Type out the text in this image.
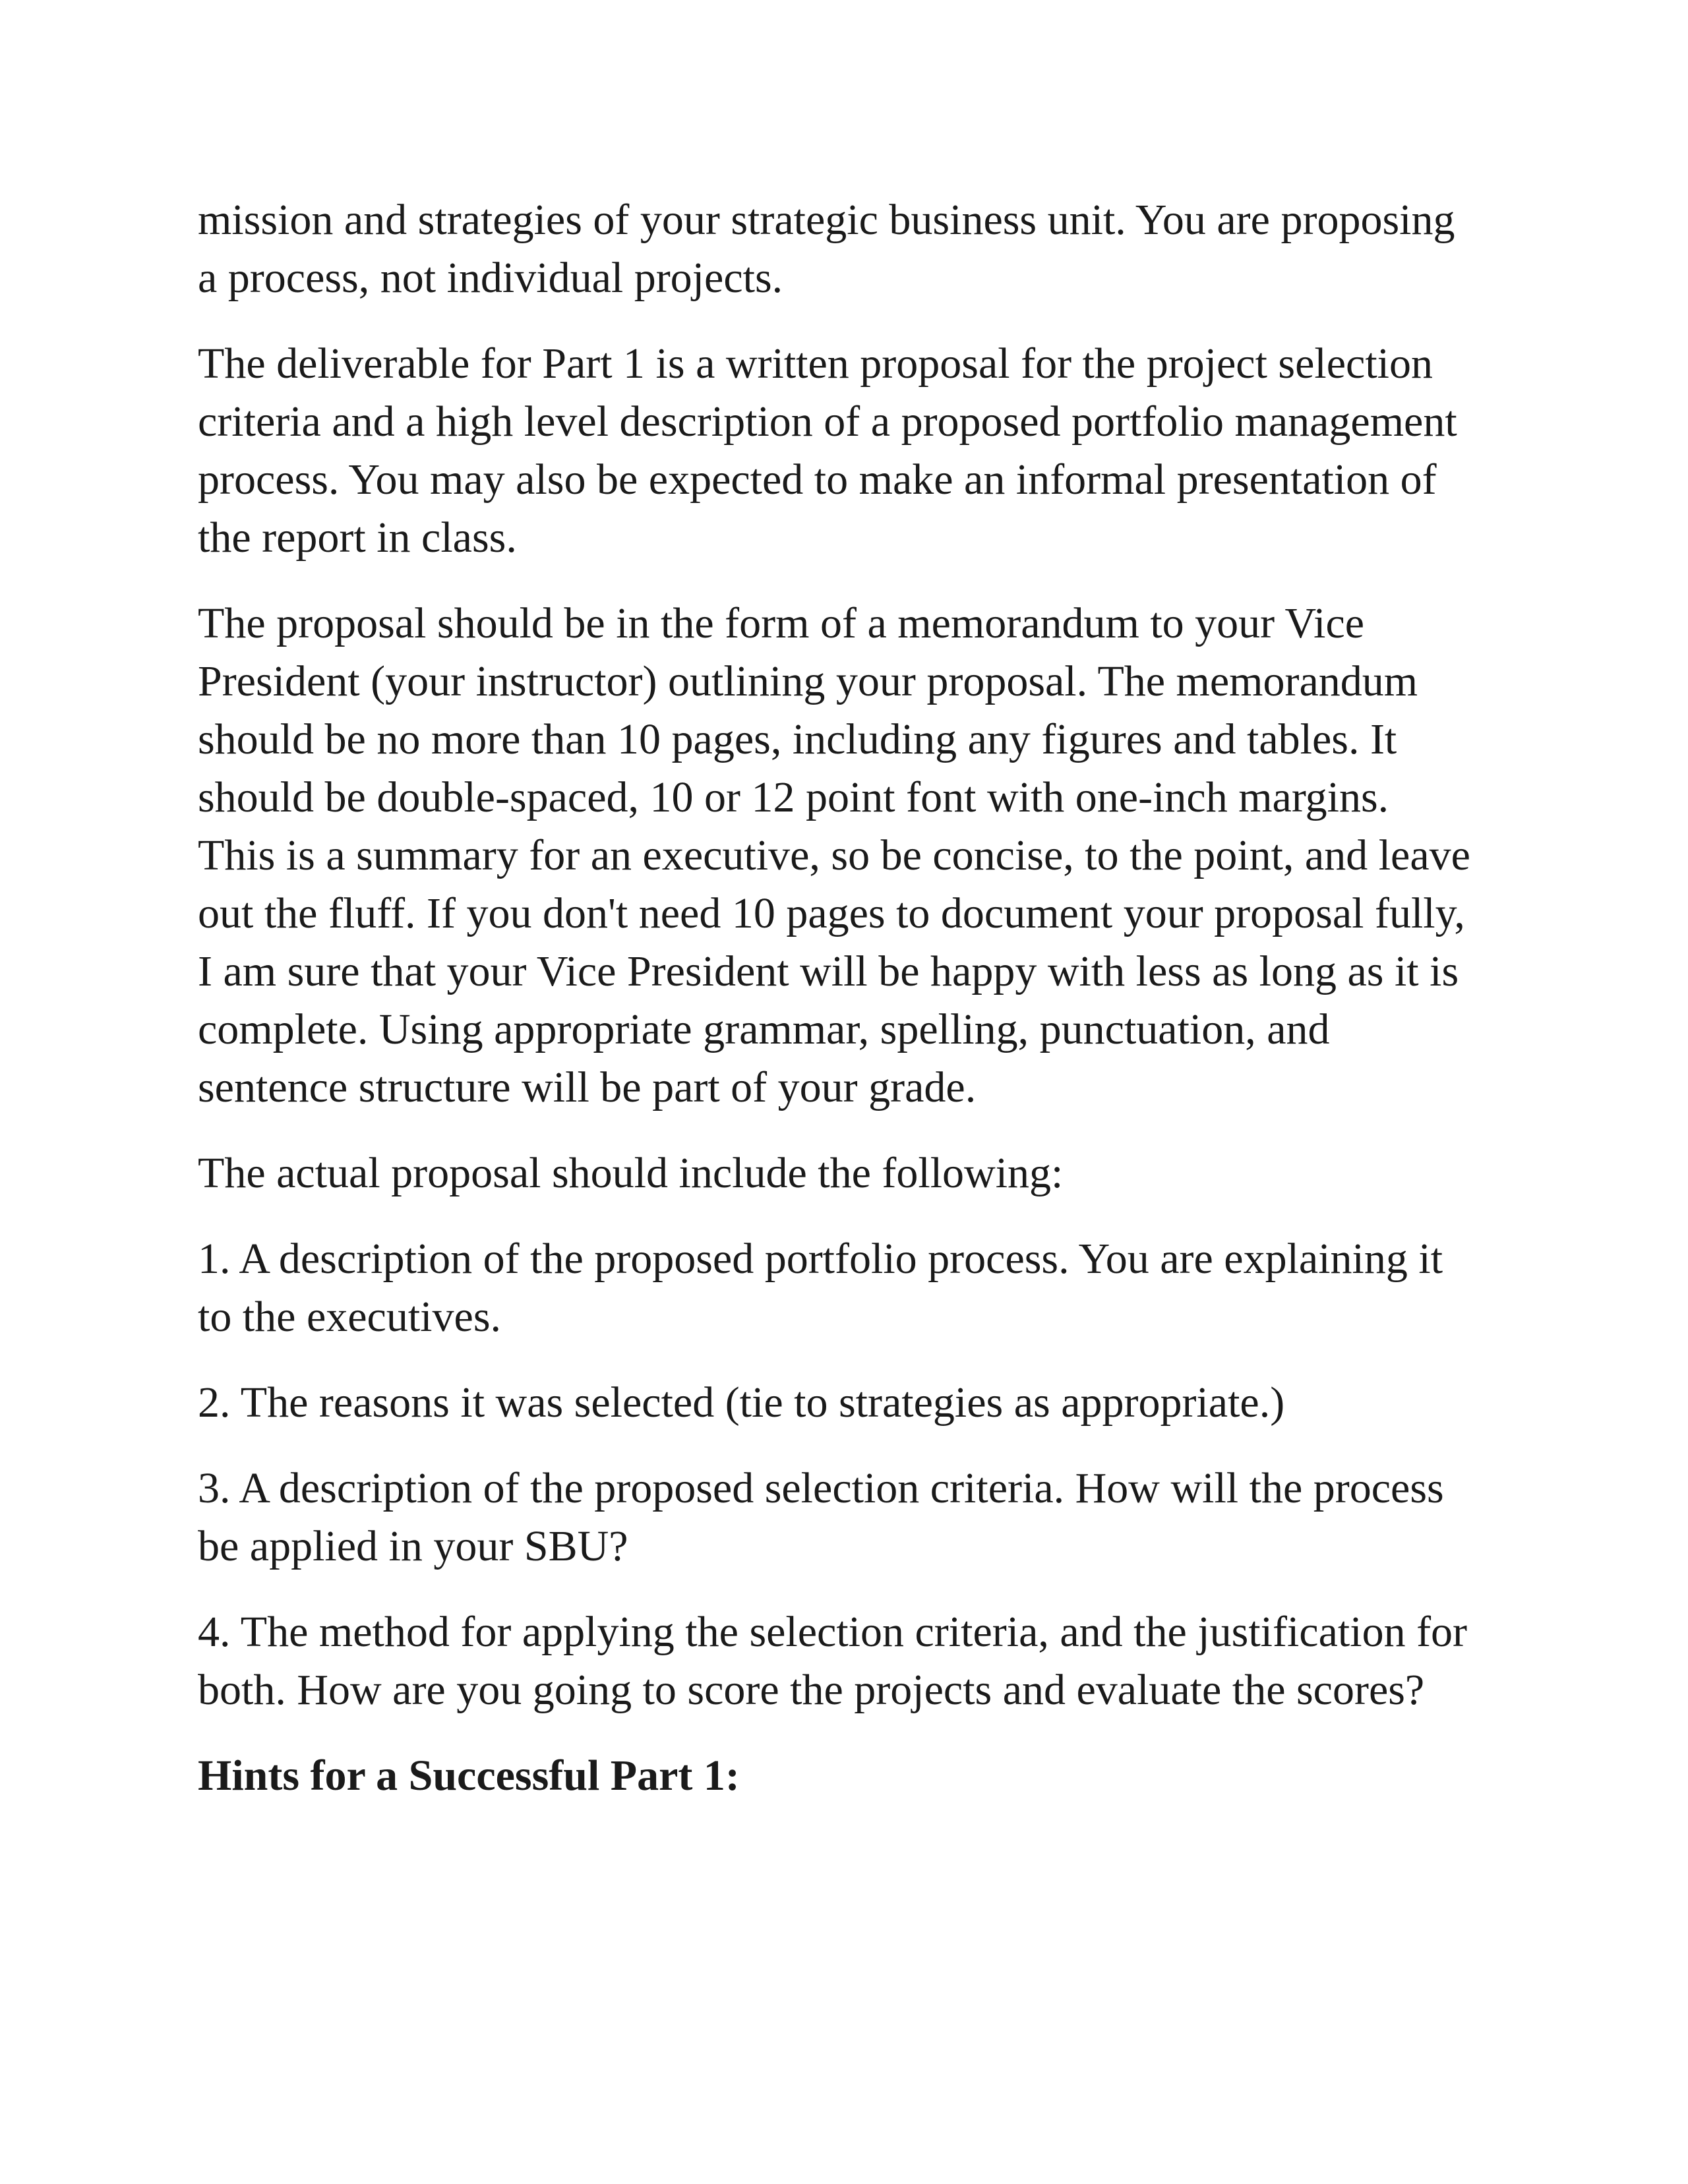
mission and strategies of your strategic business unit. You are proposing
a process, not individual projects.

The deliverable for Part 1 is a written proposal for the project selection
criteria and a high level description of a proposed portfolio management
process. You may also be expected to make an informal presentation of
the report in class.

The proposal should be in the form of a memorandum to your Vice
President (your instructor) outlining your proposal. The memorandum
should be no more than 10 pages, including any figures and tables. It
should be double-spaced, 10 or 12 point font with one-inch margins.
This is a summary for an executive, so be concise, to the point, and leave
out the fluff. If you don't need 10 pages to document your proposal fully,
I am sure that your Vice President will be happy with less as long as it is
complete. Using appropriate grammar, spelling, punctuation, and
sentence structure will be part of your grade.

The actual proposal should include the following:

1. A description of the proposed portfolio process. You are explaining it
to the executives.

2. The reasons it was selected (tie to strategies as appropriate.)

3. A description of the proposed selection criteria. How will the process
be applied in your SBU?

4. The method for applying the selection criteria, and the justification for
both. How are you going to score the projects and evaluate the scores?

Hints for a Successful Part 1:
